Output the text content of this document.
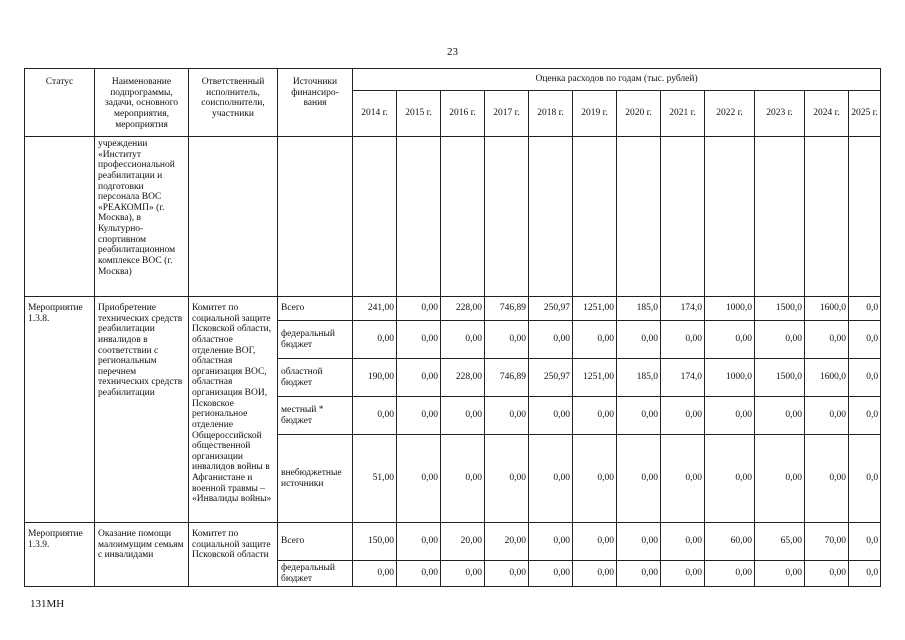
23
Статус	Наименование подпрограммы, задачи, основного мероприятия, мероприятия	Ответственный исполнитель, соисполнители, участники	Источники финансиро-вания	Оценка расходов по годам (тыс. рублей)											
				2014 г.	2015 г.	2016 г.	2017 г.	2018 г.	2019 г.	2020 г.	2021 г.	2022 г.	2023 г.	2024 г.	2025 г.
	учреждении «Институт профессиональной реабилитации и подготовки персонала ВОС «РЕАКОМП» (г. Москва), в Культурно-спортивном реабилитационном комплексе ВОС (г. Москва)														
Мероприятие 1.3.8.	Приобретение технических средств реабилитации инвалидов в соответствии с региональным перечнем технических средств реабилитации	Комитет по социальной защите Псковской области, областное отделение ВОГ, областная организация ВОС, областная организация ВОИ, Псковское региональное отделение Общероссийской общественной организации инвалидов войны в Афганистане и военной травмы – «Инвалиды войны»	Всего	241,00	0,00	228,00	746,89	250,97	1251,00	185,0	174,0	1000,0	1500,0	1600,0	0,0
			федеральный бюджет	0,00	0,00	0,00	0,00	0,00	0,00	0,00	0,00	0,00	0,00	0,00	0,0
			областной бюджет	190,00	0,00	228,00	746,89	250,97	1251,00	185,0	174,0	1000,0	1500,0	1600,0	0,0
			местный * бюджет	0,00	0,00	0,00	0,00	0,00	0,00	0,00	0,00	0,00	0,00	0,00	0,0
			внебюджетные источники	51,00	0,00	0,00	0,00	0,00	0,00	0,00	0,00	0,00	0,00	0,00	0,0
Мероприятие 1.3.9.	Оказание помощи малоимущим семьям с инвалидами	Комитет по социальной защите Псковской области	Всего	150,00	0,00	20,00	20,00	0,00	0,00	0,00	0,00	60,00	65,00	70,00	0,0
			федеральный бюджет	0,00	0,00	0,00	0,00	0,00	0,00	0,00	0,00	0,00	0,00	0,00	0,0
131МН
